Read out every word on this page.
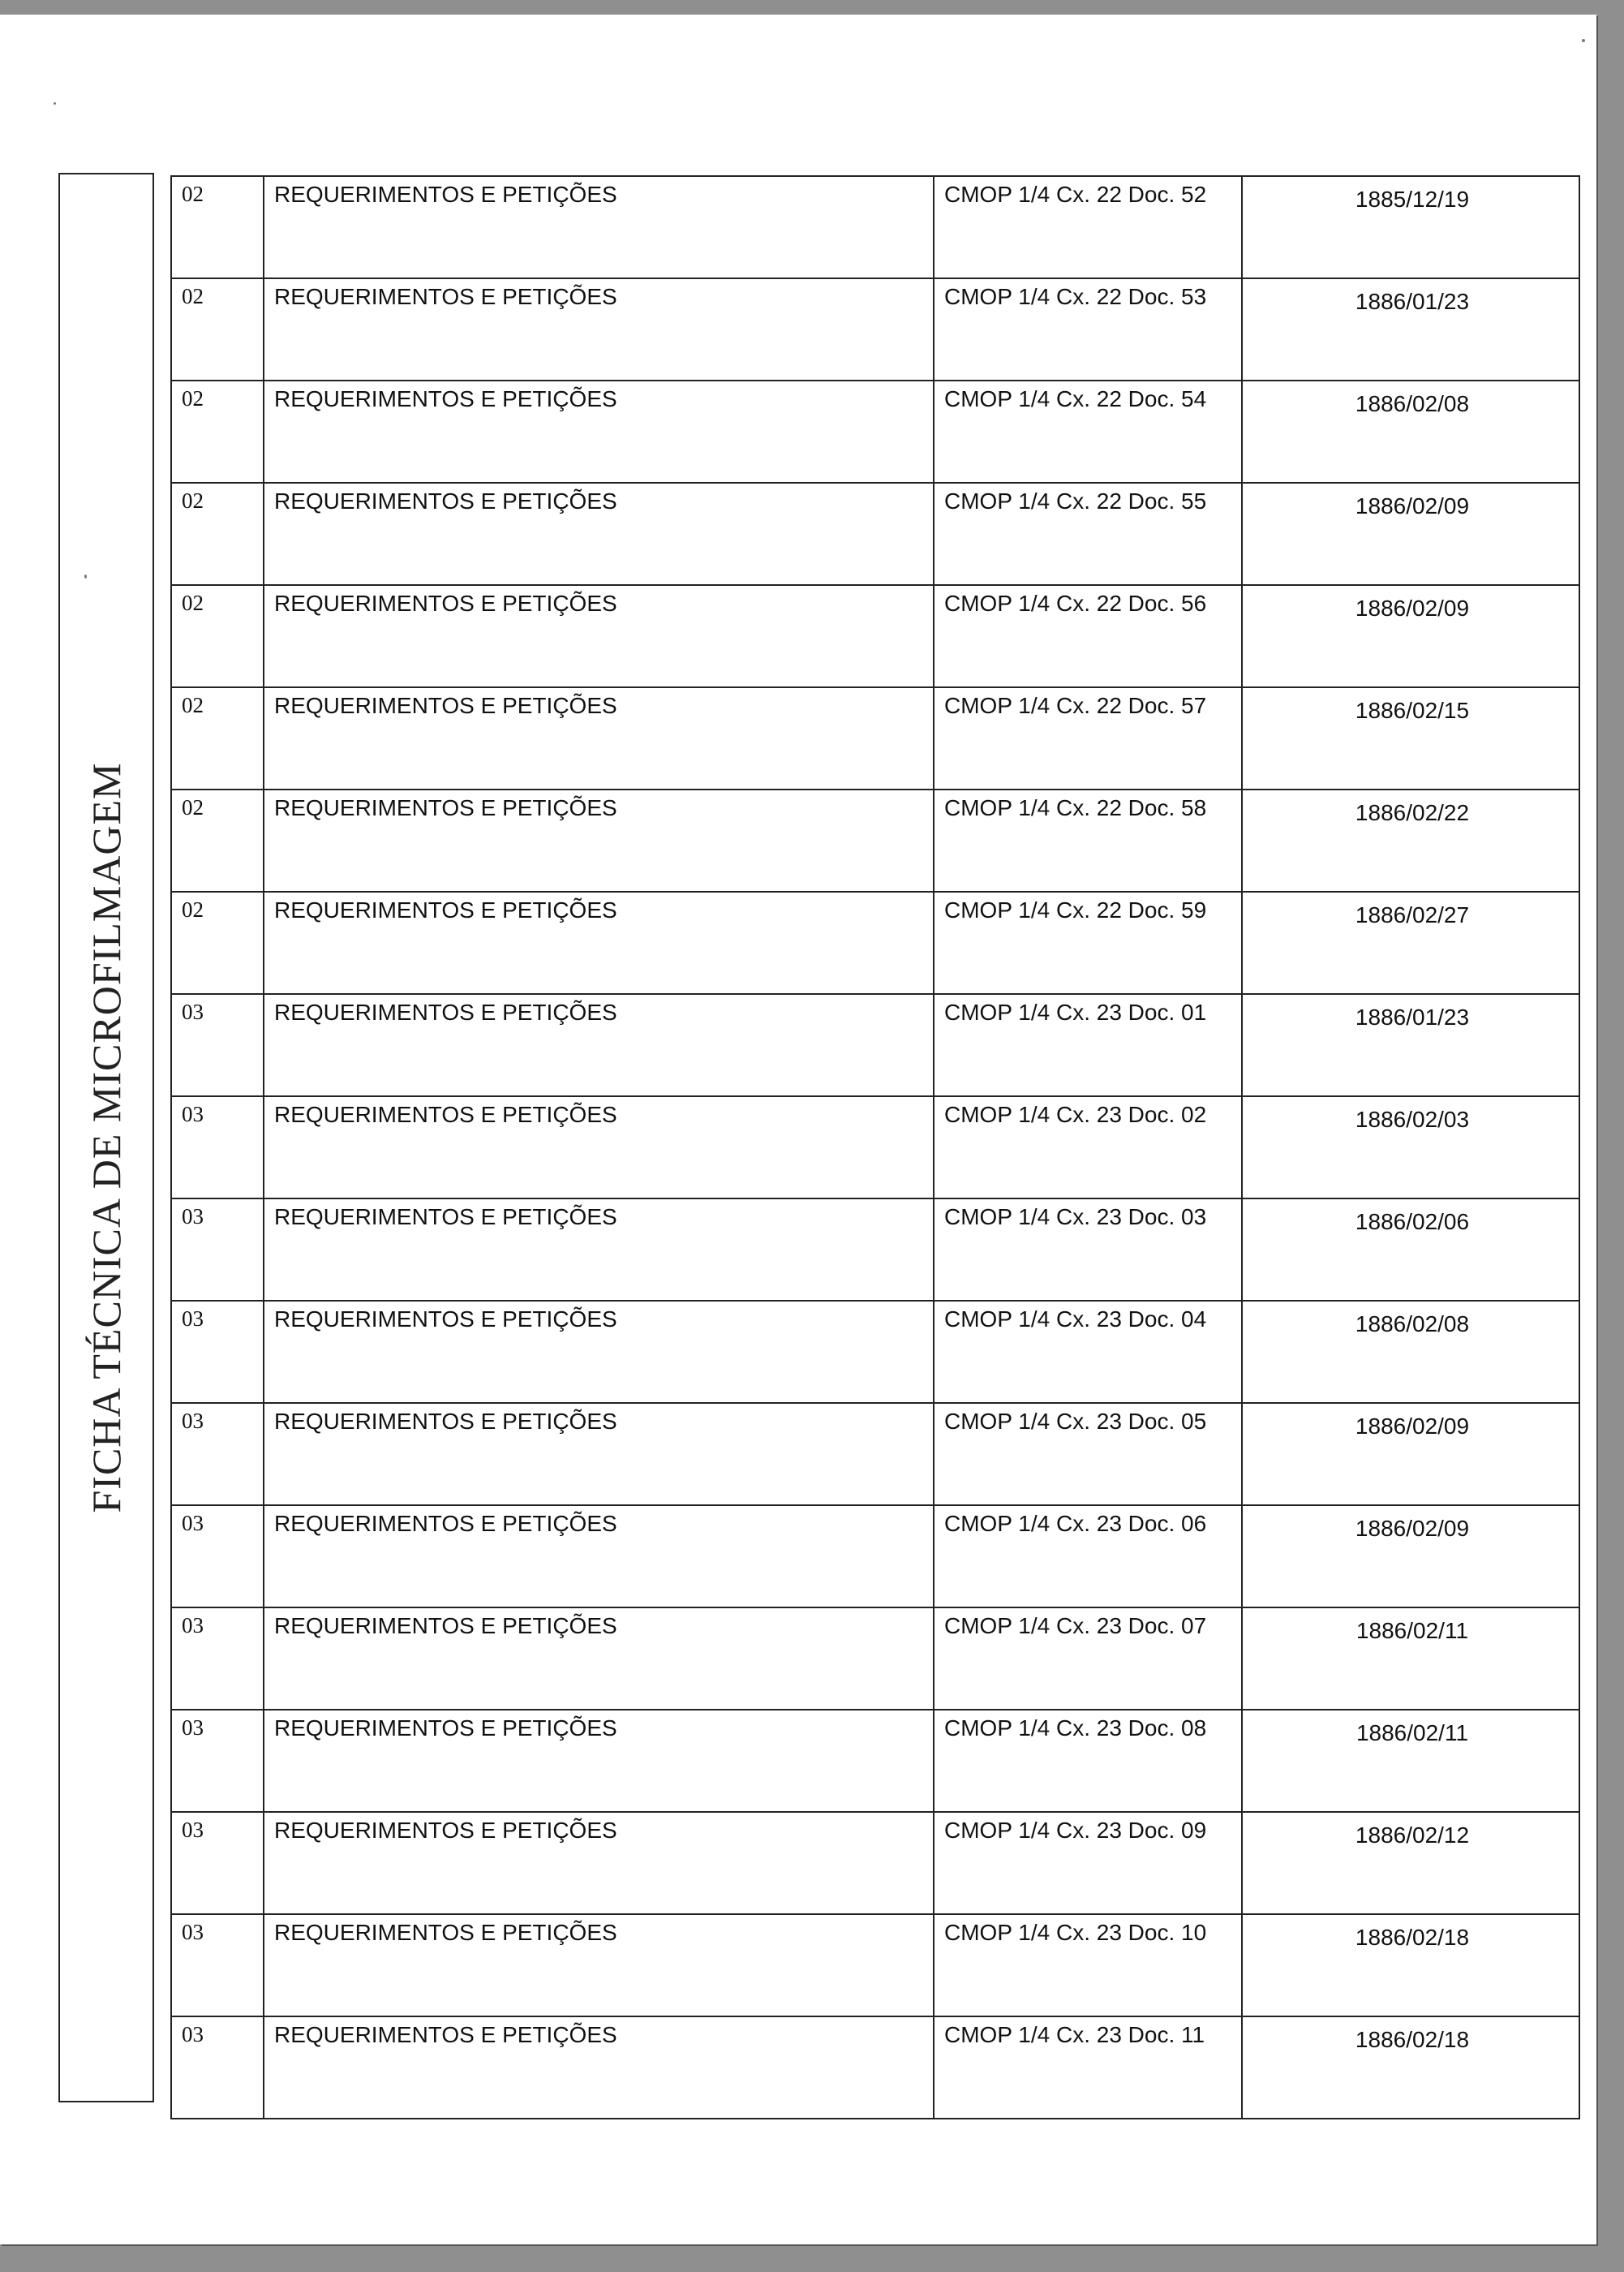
FICHA TÉCNICA DE MICROFILMAGEM
02	REQUERIMENTOS E PETIÇÕES	CMOP 1/4 Cx. 22 Doc. 52	1885/12/19
02	REQUERIMENTOS E PETIÇÕES	CMOP 1/4 Cx. 22 Doc. 53	1886/01/23
02	REQUERIMENTOS E PETIÇÕES	CMOP 1/4 Cx. 22 Doc. 54	1886/02/08
02	REQUERIMENTOS E PETIÇÕES	CMOP 1/4 Cx. 22 Doc. 55	1886/02/09
02	REQUERIMENTOS E PETIÇÕES	CMOP 1/4 Cx. 22 Doc. 56	1886/02/09
02	REQUERIMENTOS E PETIÇÕES	CMOP 1/4 Cx. 22 Doc. 57	1886/02/15
02	REQUERIMENTOS E PETIÇÕES	CMOP 1/4 Cx. 22 Doc. 58	1886/02/22
02	REQUERIMENTOS E PETIÇÕES	CMOP 1/4 Cx. 22 Doc. 59	1886/02/27
03	REQUERIMENTOS E PETIÇÕES	CMOP 1/4 Cx. 23 Doc. 01	1886/01/23
03	REQUERIMENTOS E PETIÇÕES	CMOP 1/4 Cx. 23 Doc. 02	1886/02/03
03	REQUERIMENTOS E PETIÇÕES	CMOP 1/4 Cx. 23 Doc. 03	1886/02/06
03	REQUERIMENTOS E PETIÇÕES	CMOP 1/4 Cx. 23 Doc. 04	1886/02/08
03	REQUERIMENTOS E PETIÇÕES	CMOP 1/4 Cx. 23 Doc. 05	1886/02/09
03	REQUERIMENTOS E PETIÇÕES	CMOP 1/4 Cx. 23 Doc. 06	1886/02/09
03	REQUERIMENTOS E PETIÇÕES	CMOP 1/4 Cx. 23 Doc. 07	1886/02/11
03	REQUERIMENTOS E PETIÇÕES	CMOP 1/4 Cx. 23 Doc. 08	1886/02/11
03	REQUERIMENTOS E PETIÇÕES	CMOP 1/4 Cx. 23 Doc. 09	1886/02/12
03	REQUERIMENTOS E PETIÇÕES	CMOP 1/4 Cx. 23 Doc. 10	1886/02/18
03	REQUERIMENTOS E PETIÇÕES	CMOP 1/4 Cx. 23 Doc. 11	1886/02/18
